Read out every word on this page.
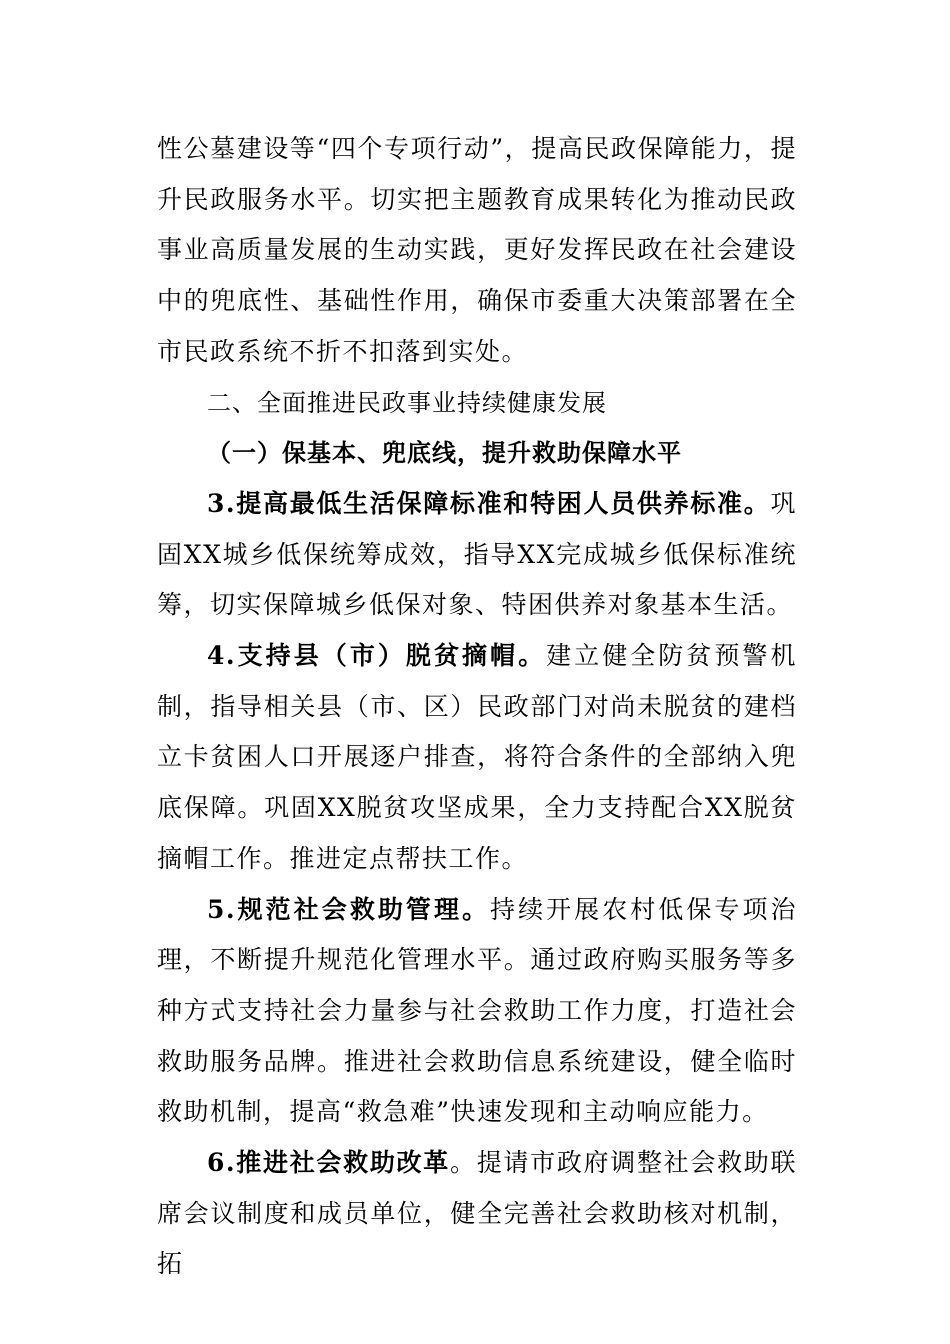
性公墓建设等“四个专项行动”，提高民政保障能力，提升民政服务水平。切实把主题教育成果转化为推动民政事业高质量发展的生动实践，更好发挥民政在社会建设中的兜底性、基础性作用，确保市委重大决策部署在全市民政系统不折不扣落到实处。

二、全面推进民政事业持续健康发展

（一）保基本、兜底线，提升救助保障水平

3.提高最低生活保障标准和特困人员供养标准。巩固XX城乡低保统筹成效，指导XX完成城乡低保标准统筹，切实保障城乡低保对象、特困供养对象基本生活。

4.支持县（市）脱贫摘帽。建立健全防贫预警机制，指导相关县（市、区）民政部门对尚未脱贫的建档立卡贫困人口开展逐户排查，将符合条件的全部纳入兜底保障。巩固XX脱贫攻坚成果，全力支持配合XX脱贫摘帽工作。推进定点帮扶工作。

5.规范社会救助管理。持续开展农村低保专项治理，不断提升规范化管理水平。通过政府购买服务等多种方式支持社会力量参与社会救助工作力度，打造社会救助服务品牌。推进社会救助信息系统建设，健全临时救助机制，提高“救急难”快速发现和主动响应能力。

6.推进社会救助改革。提请市政府调整社会救助联席会议制度和成员单位，健全完善社会救助核对机制，拓
